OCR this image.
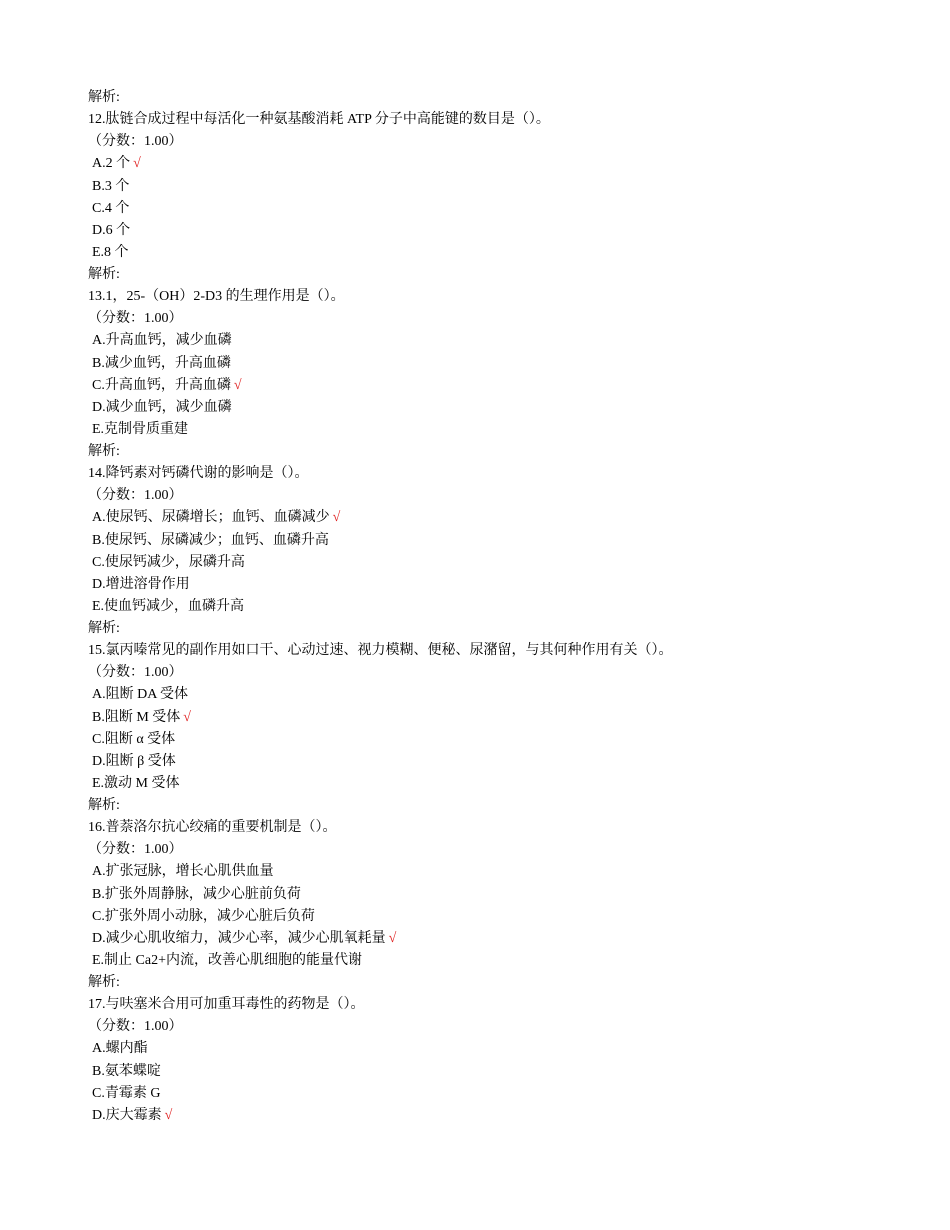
解析:
12.肽链合成过程中每活化一种氨基酸消耗 ATP 分子中高能键的数目是（）。
（分数：1.00）
A.2 个 √
B.3 个
C.4 个
D.6 个
E.8 个
解析:
13.1，25-（OH）2-D3 的生理作用是（）。
（分数：1.00）
A.升高血钙，减少血磷
B.减少血钙，升高血磷
C.升高血钙，升高血磷 √
D.减少血钙，减少血磷
E.克制骨质重建
解析:
14.降钙素对钙磷代谢的影响是（）。
（分数：1.00）
A.使尿钙、尿磷增长；血钙、血磷减少 √
B.使尿钙、尿磷减少；血钙、血磷升高
C.使尿钙减少，尿磷升高
D.增进溶骨作用
E.使血钙减少，血磷升高
解析:
15.氯丙嗪常见的副作用如口干、心动过速、视力模糊、便秘、尿潴留，与其何种作用有关（）。
（分数：1.00）
A.阻断 DA 受体
B.阻断 M 受体 √
C.阻断 α 受体
D.阻断 β 受体
E.激动 M 受体
解析:
16.普萘洛尔抗心绞痛的重要机制是（）。
（分数：1.00）
A.扩张冠脉，增长心肌供血量
B.扩张外周静脉，减少心脏前负荷
C.扩张外周小动脉，减少心脏后负荷
D.减少心肌收缩力，减少心率，减少心肌氧耗量 √
E.制止 Ca2+内流，改善心肌细胞的能量代谢
解析:
17.与呋塞米合用可加重耳毒性的药物是（）。
（分数：1.00）
A.螺内酯
B.氨苯蝶啶
C.青霉素 G
D.庆大霉素 √
